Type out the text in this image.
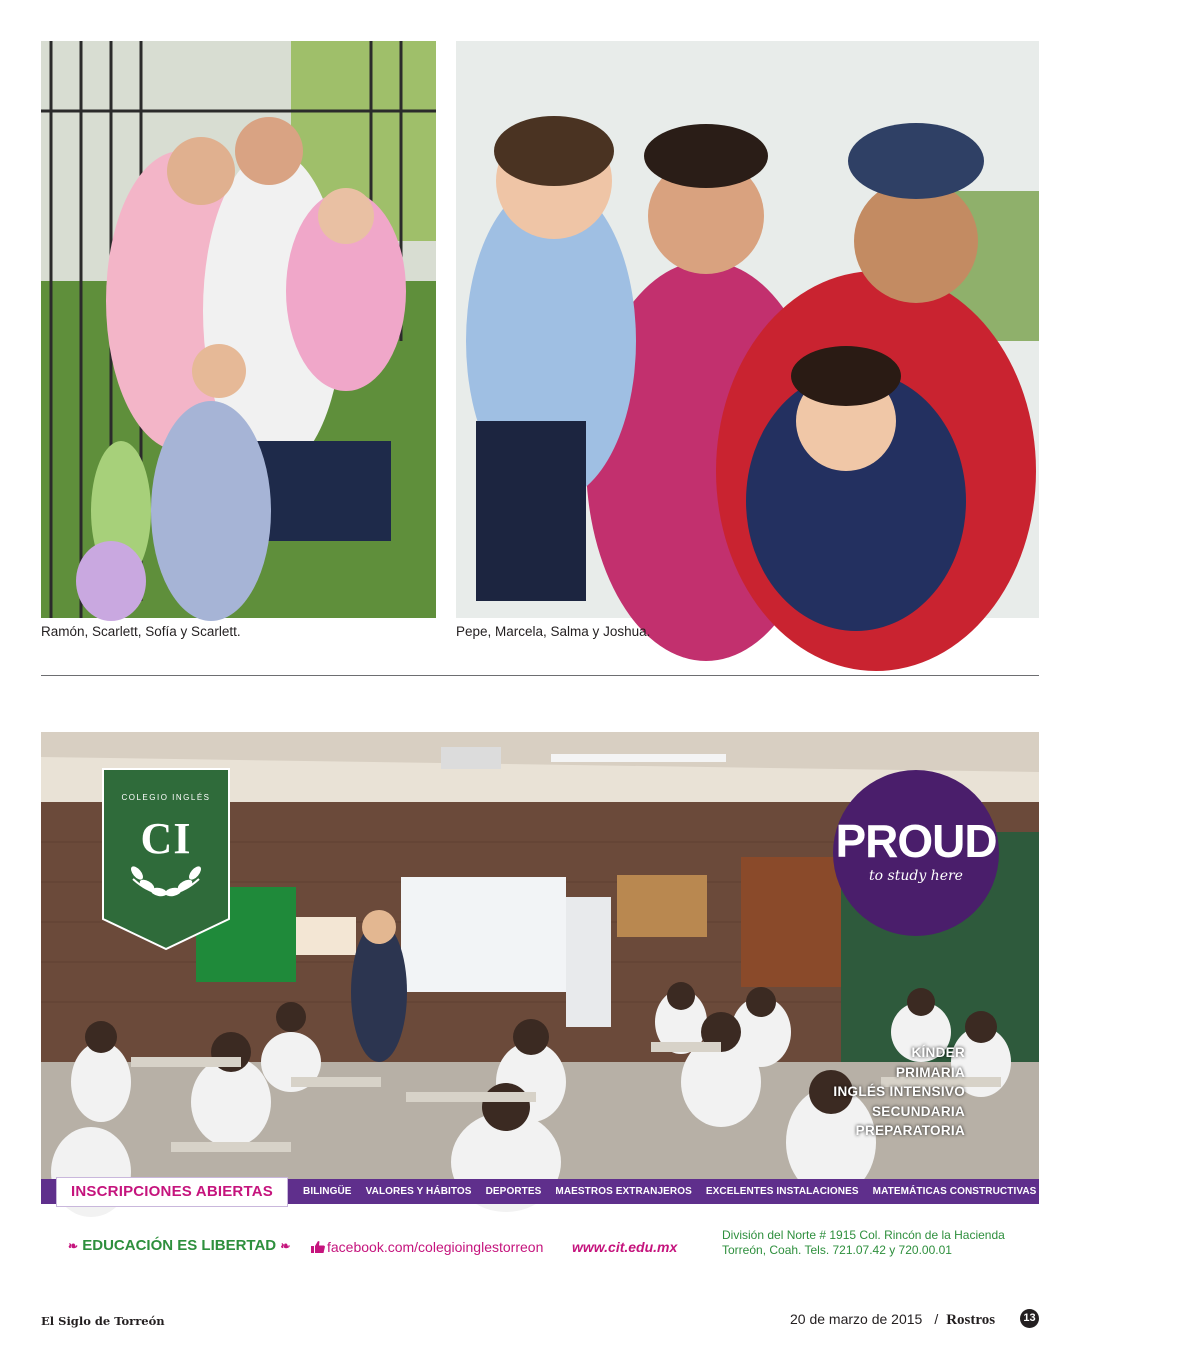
Ramón, Scarlett, Sofía y Scarlett.	Pepe, Marcela, Salma y Joshua.
COLEGIO INGLÉS
CI	PROUD
to study here
KÍNDER
PRIMARIA
INGLÉS INTENSIVO
SECUNDARIA
PREPARATORIA
INSCRIPCIONES ABIERTAS	BILINGÜE VALORES Y HÁBITOS DEPORTES MAESTROS EXTRANJEROS EXCELENTES INSTALACIONES MATEMÁTICAS CONSTRUCTIVAS CALIDEZ EN EL SERVICIO
❧ EDUCACIÓN ES LIBERTAD ❧	facebook.com/colegioinglestorreon www.cit.edu.mx
División del Norte # 1915 Col. Rincón de la Hacienda
Torreón, Coah. Tels. 721.07.42 y 720.00.01
El Siglo de Torreón	20 de marzo de 2015 / Rostros	13
